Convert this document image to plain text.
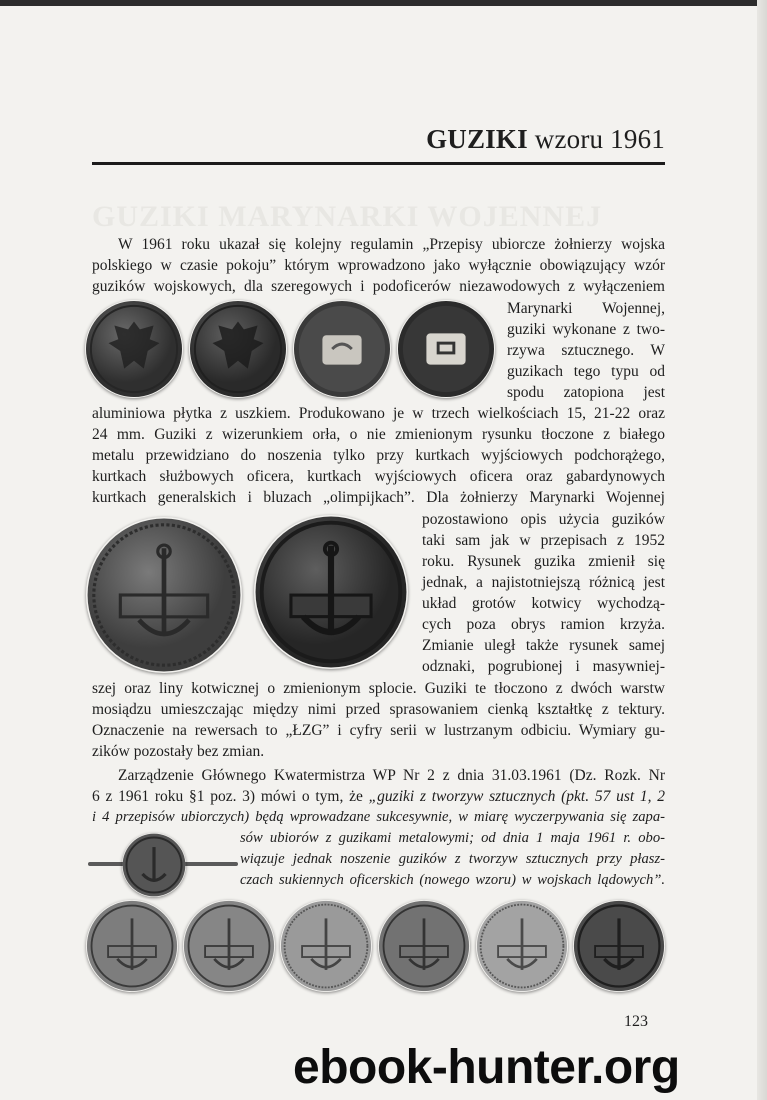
GUZIKI MARYNARKI WOJENNEJ
GUZIKI wzoru 1961
W 1961 roku ukazał się kolejny regulamin „Przepisy ubiorcze żołnierzy wojska
polskiego w czasie pokoju” którym wprowadzono jako wyłącznie obowiązujący wzór
guzików wojskowych, dla szeregowych i podoficerów niezawodowych z wyłączeniem
Marynarki Wojennej,
guziki wykonane z two-
rzywa sztucznego. W
guzikach tego typu od
spodu zatopiona jest
aluminiowa płytka z uszkiem. Produkowano je w trzech wielkościach 15, 21-22 oraz
24 mm. Guziki z wizerunkiem orła, o nie zmienionym rysunku tłoczone z białego
metalu przewidziano do noszenia tylko przy kurtkach wyjściowych podchorążego,
kurtkach służbowych oficera, kurtkach wyjściowych oficera oraz gabardynowych
kurtkach generalskich i bluzach „olimpijkach”. Dla żołnierzy Marynarki Wojennej
pozostawiono opis użycia guzików
taki sam jak w przepisach z 1952
roku. Rysunek guzika zmienił się
jednak, a najistotniejszą różnicą jest
układ grotów kotwicy wychodzą-
cych poza obrys ramion krzyża.
Zmianie uległ także rysunek samej
odznaki, pogrubionej i masywniej-
szej oraz liny kotwicznej o zmienionym splocie. Guziki te tłoczono z dwóch warstw
mosiądzu umieszczając między nimi przed sprasowaniem cienką kształtkę z tektury.
Oznaczenie na rewersach to „ŁZG” i cyfry serii w lustrzanym odbiciu. Wymiary gu-
zików pozostały bez zmian.
Zarządzenie Głównego Kwatermistrza WP Nr 2 z dnia 31.03.1961 (Dz. Rozk. Nr
6 z 1961 roku §1 poz. 3) mówi o tym, że „guziki z tworzyw sztucznych (pkt. 57 ust 1, 2
i 4 przepisów ubiorczych) będą wprowadzane sukcesywnie, w miarę wyczerpywania się zapa-
sów ubiorów z guzikami metalowymi; od dnia 1 maja 1961 r. obo-
wiązuje jednak noszenie guzików z tworzyw sztucznych przy płasz-
czach sukiennych oficerskich (nowego wzoru) w wojskach lądowych”.
123
ebook-hunter.org
